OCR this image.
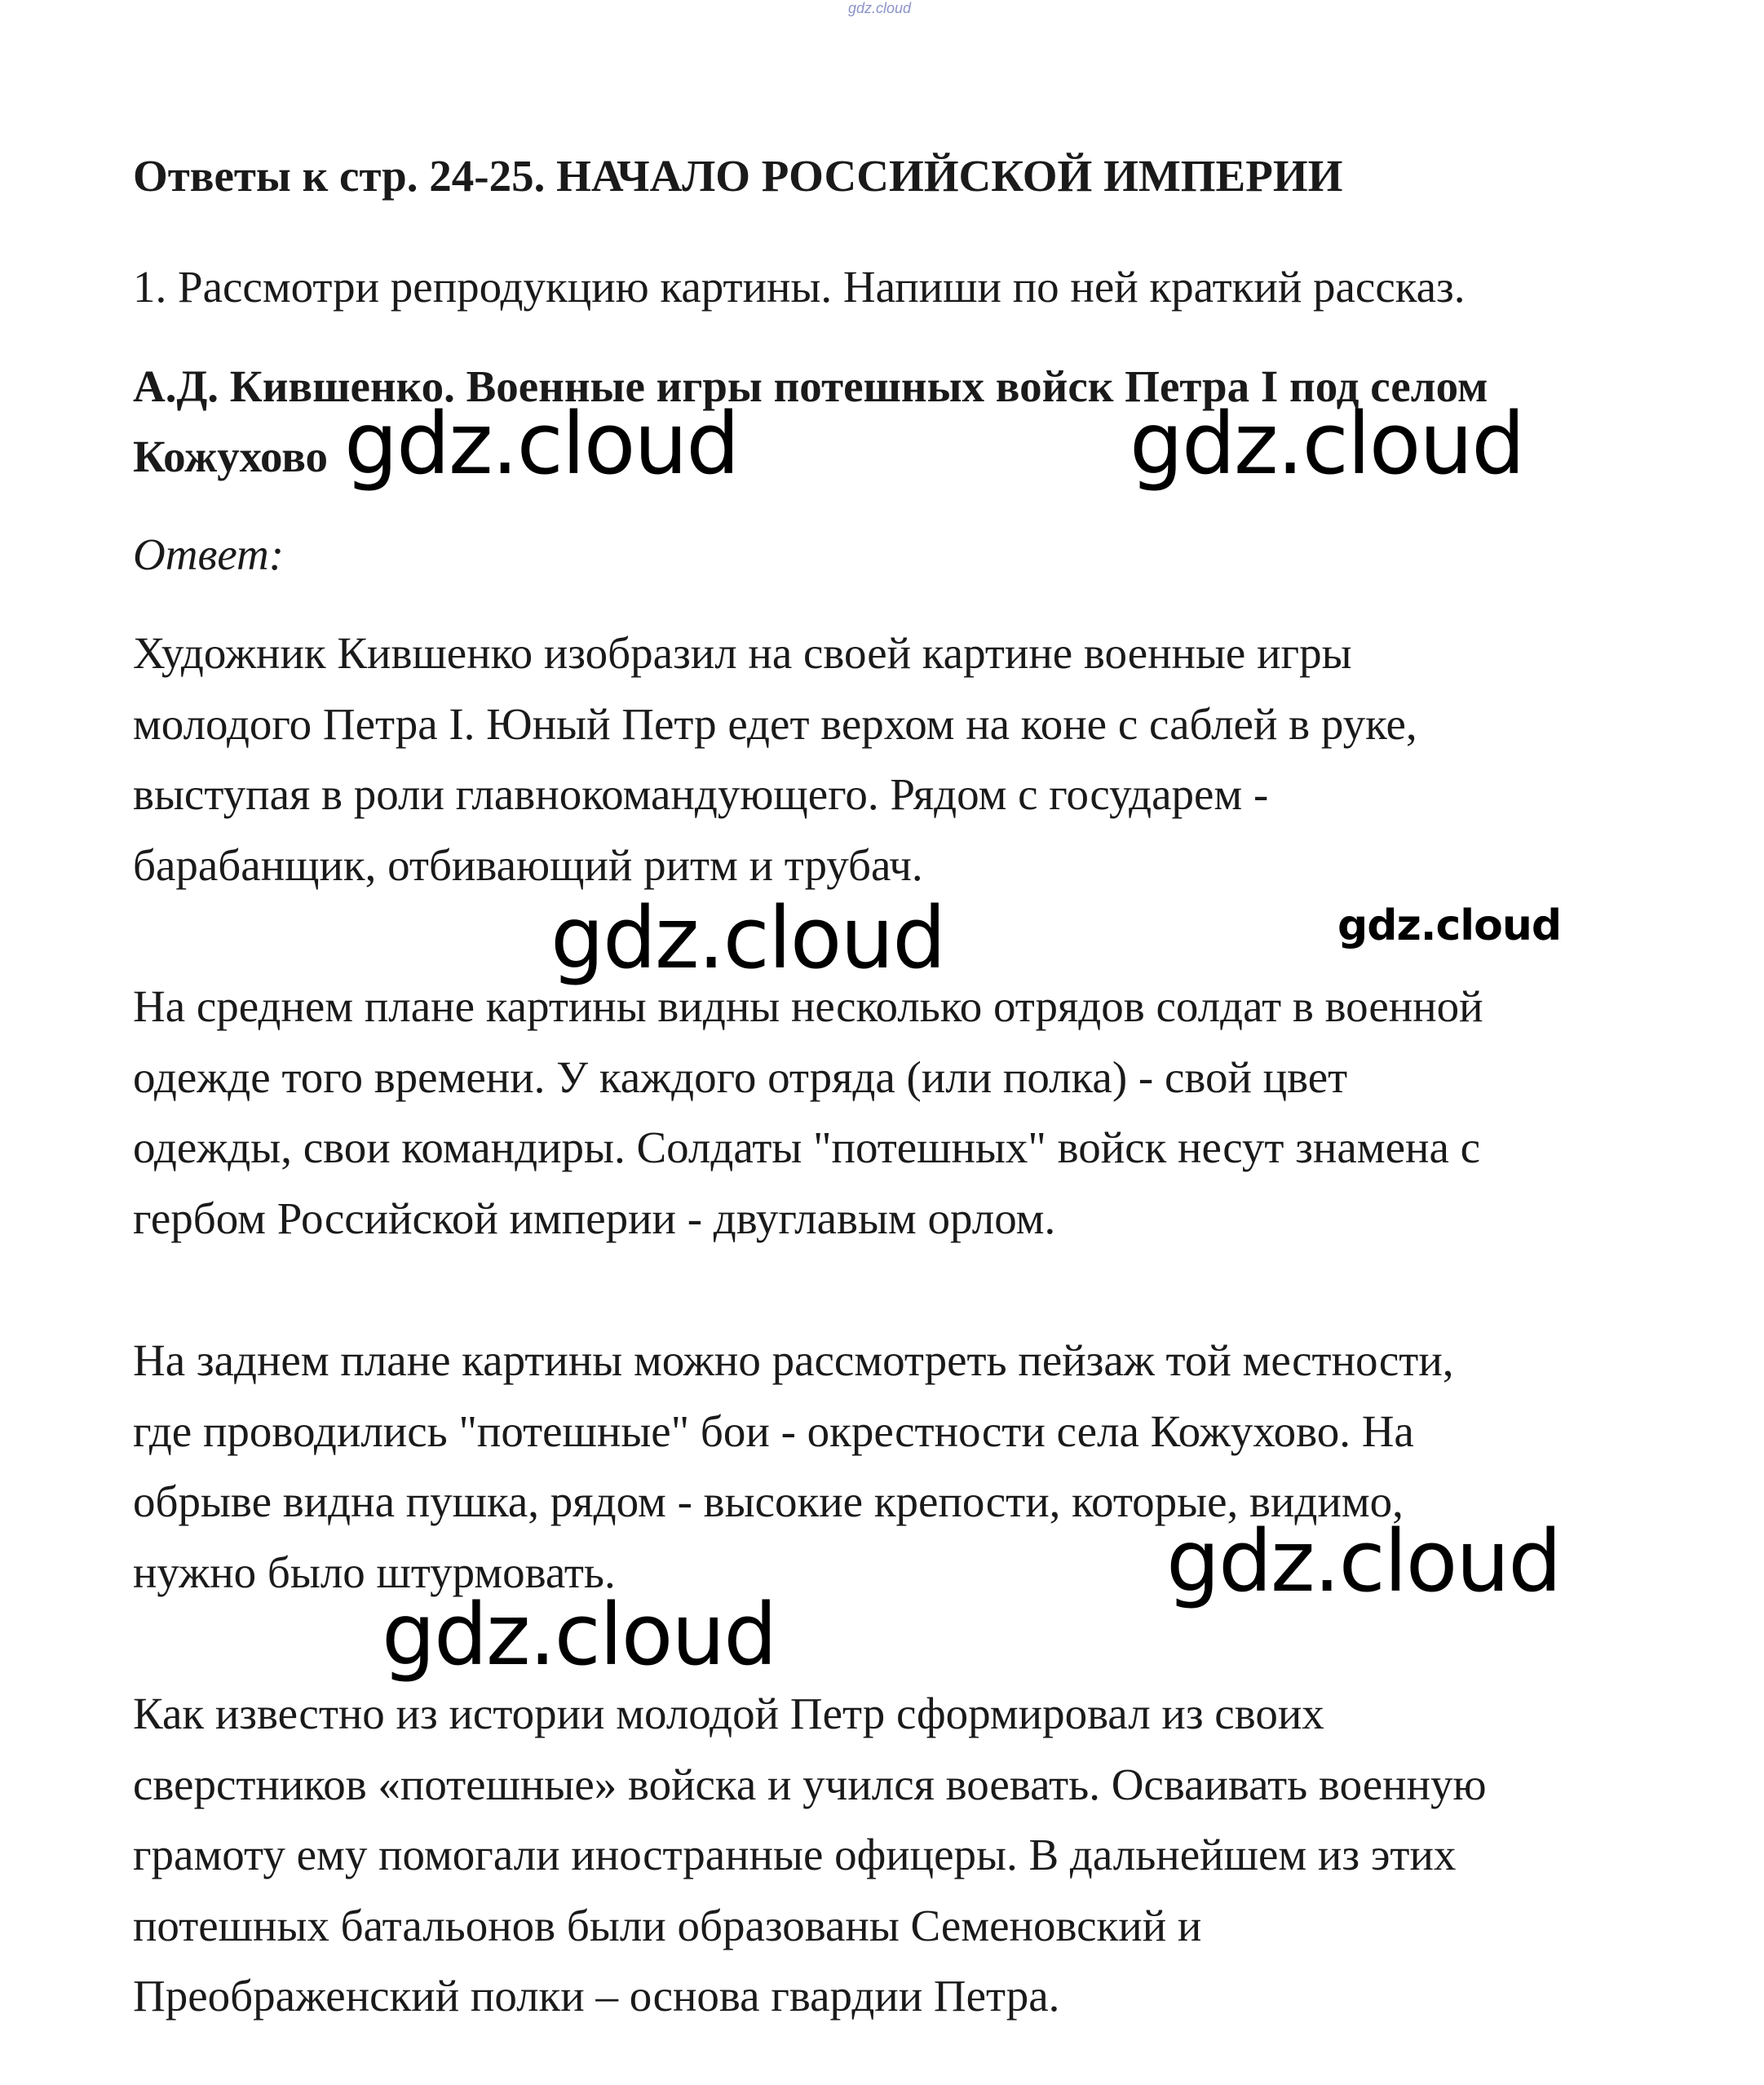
gdz.cloud
Ответы к стр. 24-25. НАЧАЛО РОССИЙСКОЙ ИМПЕРИИ
1. Рассмотри репродукцию картины. Напиши по ней краткий рассказ.
А.Д. Кившенко. Военные игры потешных войск Петра I под селом
Кожухово
Ответ:
Художник Кившенко изобразил на своей картине военные игры
молодого Петра I. Юный Петр едет верхом на коне с саблей в руке,
выступая в роли главнокомандующего. Рядом с государем -
барабанщик, отбивающий ритм и трубач.
На среднем плане картины видны несколько отрядов солдат в военной
одежде того времени. У каждого отряда (или полка) - свой цвет
одежды, свои командиры. Солдаты "потешных" войск несут знамена с
гербом Российской империи - двуглавым орлом.
На заднем плане картины можно рассмотреть пейзаж той местности,
где проводились "потешные" бои - окрестности села Кожухово. На
обрыве видна пушка, рядом - высокие крепости, которые, видимо,
нужно было штурмовать.
Как известно из истории молодой Петр сформировал из своих
сверстников «потешные» войска и учился воевать. Осваивать военную
грамоту ему помогали иностранные офицеры. В дальнейшем из этих
потешных батальонов были образованы Семеновский и
Преображенский полки – основа гвардии Петра.
gdz.cloud	gdz.cloud
gdz.cloud	gdz.cloud
gdz.cloud
gdz.cloud
